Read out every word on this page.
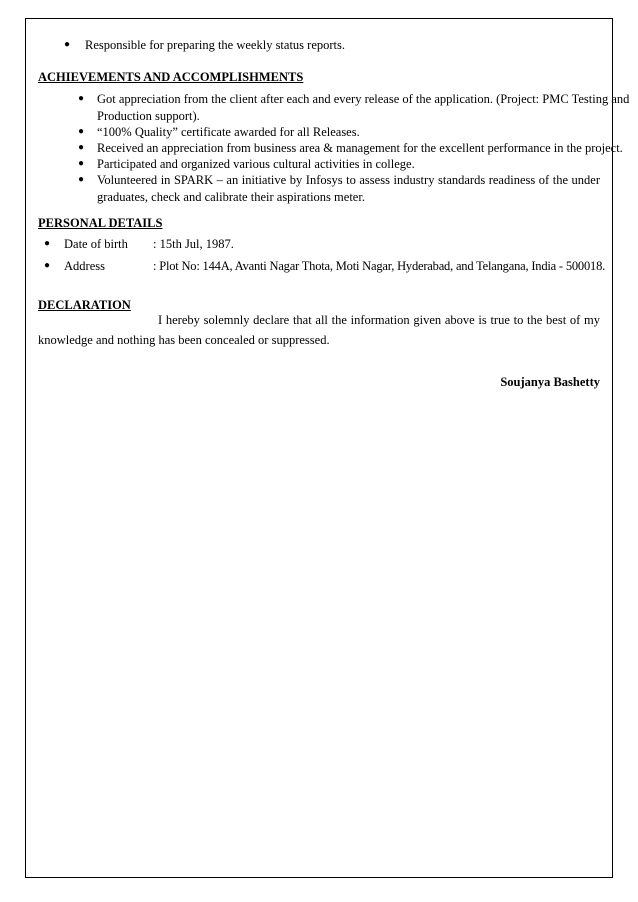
● Responsible for preparing the weekly status reports.
ACHIEVEMENTS AND ACCOMPLISHMENTS
● Got appreciation from the client after each and every release of the application. (Project: PMC Testing and
Production support).
● “100% Quality” certificate awarded for all Releases.
● Received an appreciation from business area & management for the excellent performance in the project.
● Participated and organized various cultural activities in college.
● Volunteered in SPARK – an initiative by Infosys to assess industry standards readiness of the under
graduates, check and calibrate their aspirations meter.
PERSONAL DETAILS
● Date of birth : 15th Jul, 1987.
● Address	: Plot No: 144A, Avanti Nagar Thota, Moti Nagar, Hyderabad, and Telangana, India - 500018.
DECLARATION
I hereby solemnly declare that all the information given above is true to the best of my
knowledge and nothing has been concealed or suppressed.
Soujanya Bashetty
